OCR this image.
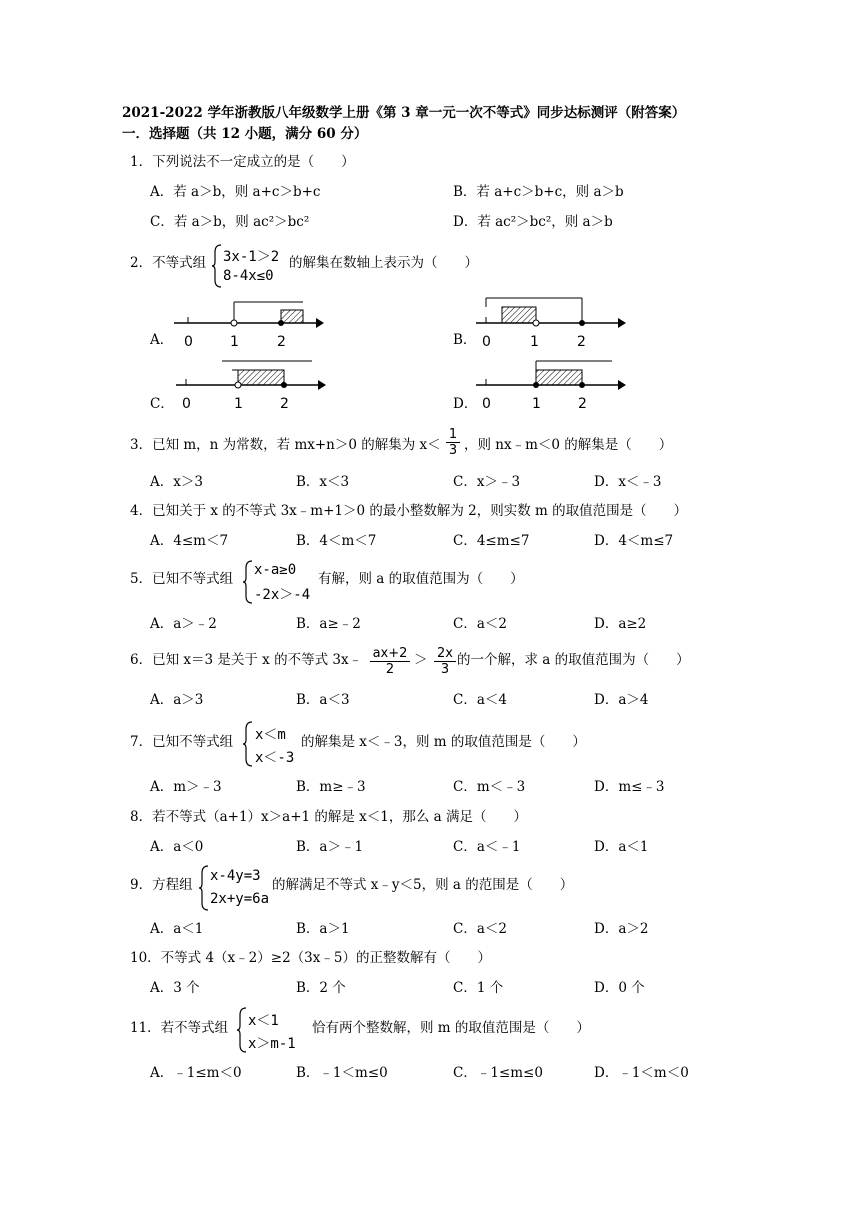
2021-2022 学年浙教版八年级数学上册《第 3 章一元一次不等式》同步达标测评（附答案）
一．选择题（共 12 小题，满分 60 分）
1．下列说法不一定成立的是（　　）
A．若 a＞b，则 a+c＞b+c	B．若 a+c＞b+c，则 a＞b
C．若 a＞b，则 ac²＞bc²	D．若 ac²＞bc²，则 a＞b
2．不等式组 3x-1＞2
8-4x≤0
的解集在数轴上表示为（　　）
A． 0	1	2	B． 0	1	2
C． 0	1	2	D． 0	1	2
3．已知 m，n 为常数，若 mx+n＞0 的解集为 $x< \frac{1}{3}$ ，则 nx﹣m＜0 的解集是（　　）
A．x＞3	B．x＜3	C．x＞﹣3	D．x＜﹣3
4．已知关于 x 的不等式 3x﹣m+1＞0 的最小整数解为 2，则实数 m 的取值范围是（　　）
A．4≤m＜7	B．4＜m＜7	C．4≤m≤7	D．4＜m≤7
5．已知不等式组
x-a≥0
-2x＞-4
有解，则 a 的取值范围为（　　）
A．a＞﹣2	B．a≥﹣2	C．a＜2	D．a≥2
6．已知 x＝3 是关于 x 的不等式 3x﹣ $\frac{ax+2}{2} > \frac{2x}{3}$ 的一个解，求 a 的取值范围为（　　）
A．a＞3	B．a＜3	C．a＜4	D．a＞4
7．已知不等式组 x＜m
x＜-3
的解集是 x＜﹣3，则 m 的取值范围是（　　）
A．m＞﹣3	B．m≥﹣3	C．m＜﹣3	D．m≤﹣3
8．若不等式（a+1）x＞a+1 的解是 x＜1，那么 a 满足（　　）
A．a＜0	B．a＞﹣1	C．a＜﹣1	D．a＜1
9．方程组
x-4y=3
2x+y=6a
的解满足不等式 x﹣y＜5，则 a 的范围是（　　）
A．a＜1	B．a＞1	C．a＜2	D．a＞2
10．不等式 4（x﹣2）≥2（3x﹣5）的正整数解有（　　）
A．3 个	B．2 个	C．1 个	D．0 个
11．若不等式组 x＜1
x＞m-1
恰有两个整数解，则 m 的取值范围是（　　）
A．﹣1≤m＜0	B．﹣1＜m≤0	C．﹣1≤m≤0	D．﹣1＜m＜0
